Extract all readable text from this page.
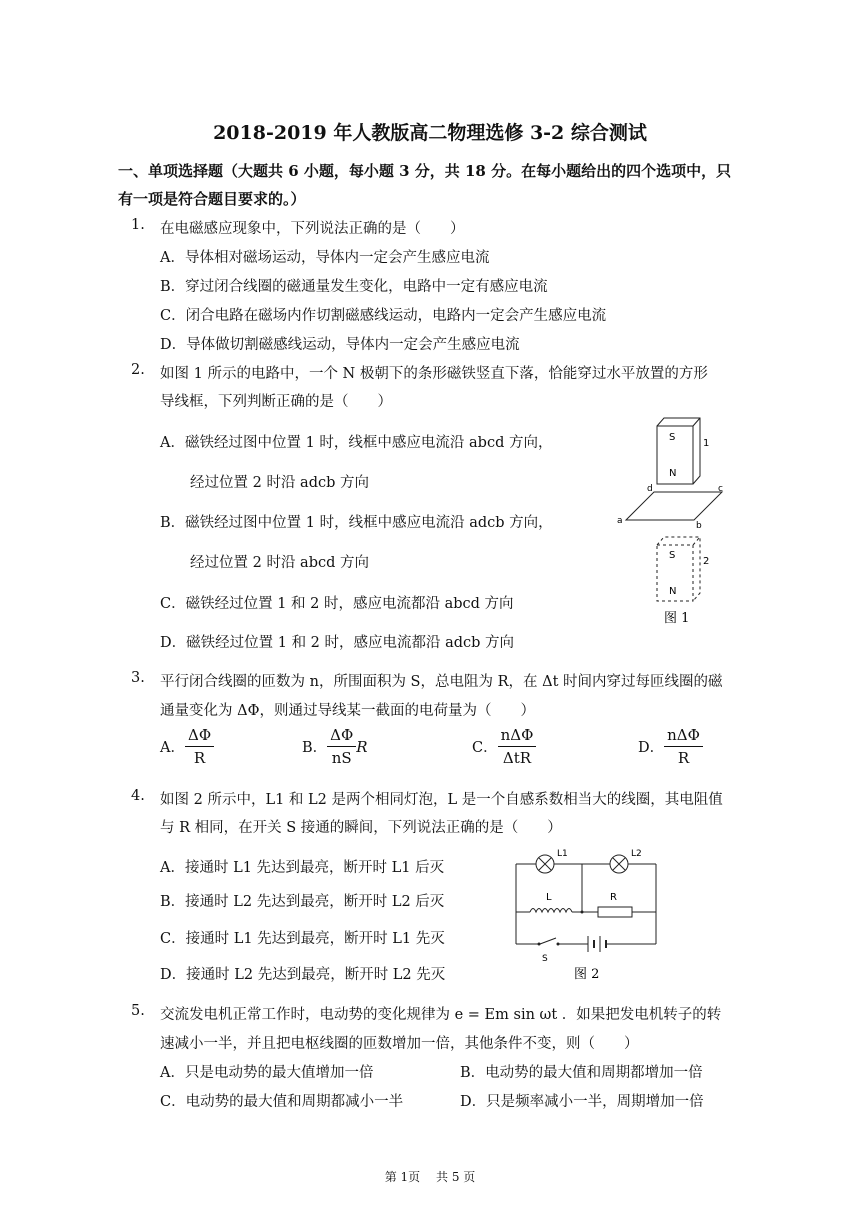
2018-2019 年人教版高二物理选修 3-2 综合测试
一、单项选择题（大题共 6 小题，每小题 3 分，共 18 分。在每小题给出的四个选项中，只
有一项是符合题目要求的。）
1. 在电磁感应现象中，下列说法正确的是（　　）
A．导体相对磁场运动，导体内一定会产生感应电流
B．穿过闭合线圈的磁通量发生变化，电路中一定有感应电流
C．闭合电路在磁场内作切割磁感线运动，电路内一定会产生感应电流
D．导体做切割磁感线运动，导体内一定会产生感应电流
2. 如图 1 所示的电路中，一个 N 极朝下的条形磁铁竖直下落，恰能穿过水平放置的方形
导线框，下列判断正确的是（　　）
A．磁铁经过图中位置 1 时，线框中感应电流沿 abcd 方向，
经过位置 2 时沿 adcb 方向
B．磁铁经过图中位置 1 时，线框中感应电流沿 adcb 方向，
经过位置 2 时沿 abcd 方向
C．磁铁经过位置 1 和 2 时，感应电流都沿 abcd 方向
D．磁铁经过位置 1 和 2 时，感应电流都沿 adcb 方向
S
N
1
a	b
c
d
S
N
2
图 1
3. 平行闭合线圈的匝数为 n，所围面积为 S，总电阻为 R，在 Δt 时间内穿过每匝线圈的磁
通量变化为 ΔΦ，则通过导线某一截面的电荷量为（　　）
A． $\frac{\Delta\Phi}{R}$	B． $\frac{\Delta\Phi}{nS}$ R	C． $\frac{\text{nΔΦ}}{\text{ΔtR}}$	D． $\frac{\text{nΔΦ}}{R}$
4. 如图 2 所示中，L1 和 L2 是两个相同灯泡，L 是一个自感系数相当大的线圈，其电阻值
与 R 相同，在开关 S 接通的瞬间，下列说法正确的是（　　）
A．接通时 L1 先达到最亮，断开时 L1 后灭
B．接通时 L2 先达到最亮，断开时 L2 后灭
C．接通时 L1 先达到最亮，断开时 L1 先灭
D．接通时 L2 先达到最亮，断开时 L2 先灭
L1	L2
L	R
S
图 2
5. 交流发电机正常工作时，电动势的变化规律为 e = Em sin ωt ．如果把发电机转子的转
速减小一半，并且把电枢线圈的匝数增加一倍，其他条件不变，则（　　）
A．只是电动势的最大值增加一倍	B．电动势的最大值和周期都增加一倍
C．电动势的最大值和周期都减小一半	D．只是频率减小一半，周期增加一倍
第 1页　 共 5 页
